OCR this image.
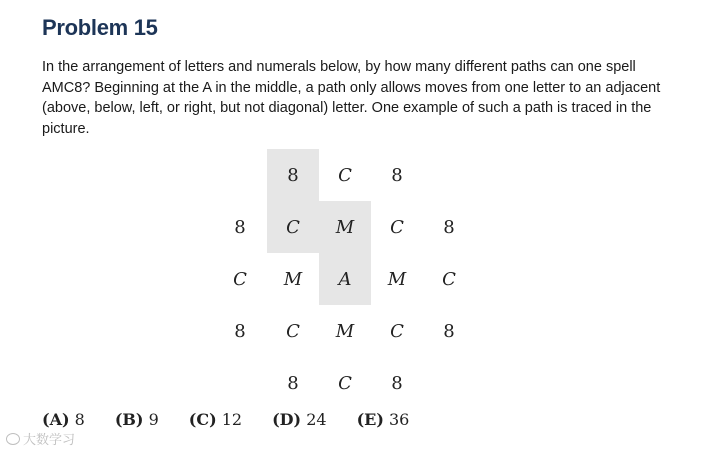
Problem 15

In the arrangement of letters and numerals below, by how many different paths can one spell AMC8? Beginning at the A in the middle, a path only allows moves from one letter to an adjacent (above, below, left, or right, but not diagonal) letter. One example of such a path is traced in the picture.

8	C	8
8	C	M	C	8
C	M	A	M	C
8	C	M	C	8
8	C	8
(A) 8 (B) 9 (C) 12 (D) 24 (E) 36
大数学习
